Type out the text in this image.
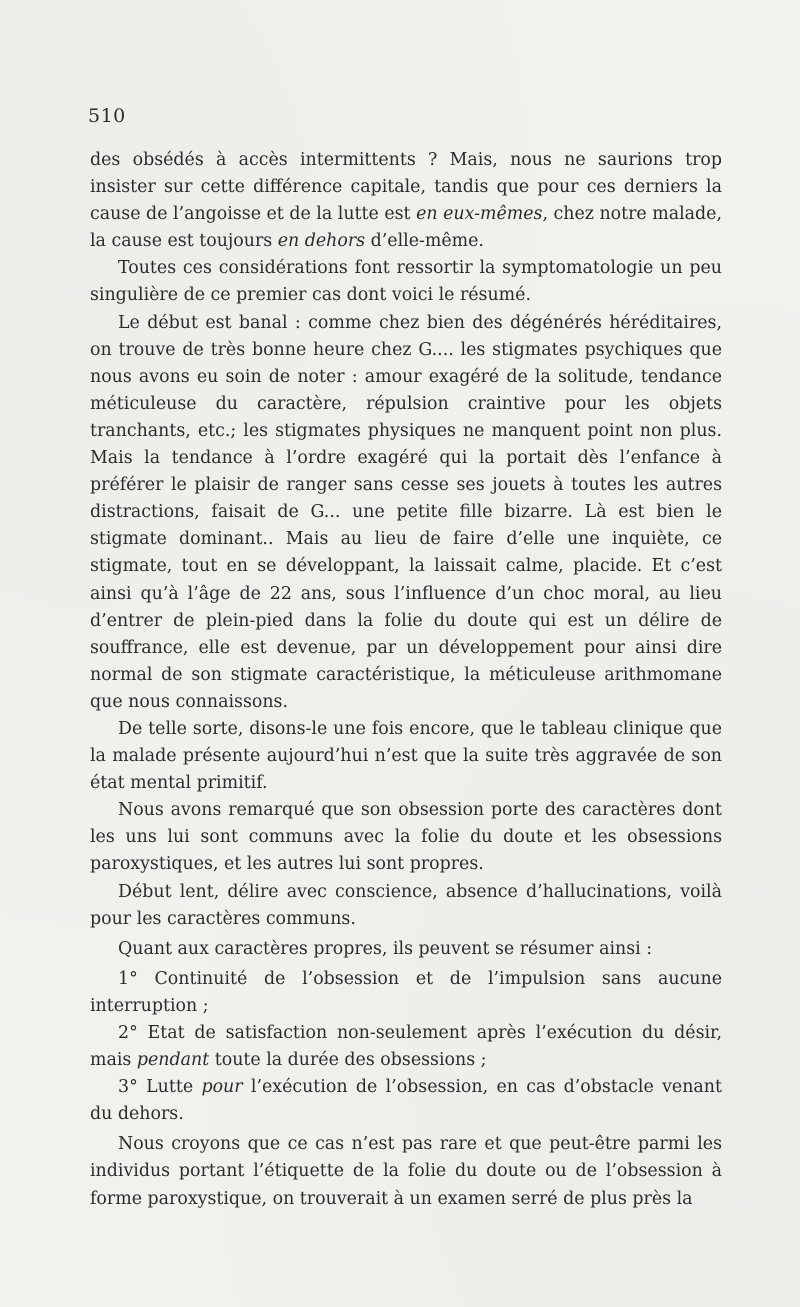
510

des obsédés à accès intermittents ? Mais, nous ne saurions trop insister sur cette différence capitale, tandis que pour ces derniers la cause de l’angoisse et de la lutte est en eux-mêmes, chez notre malade, la cause est toujours en dehors d’elle-même.

Toutes ces considérations font ressortir la symptomatologie un peu singulière de ce premier cas dont voici le résumé.

Le début est banal : comme chez bien des dégénérés héréditaires, on trouve de très bonne heure chez G.... les stigmates psychiques que nous avons eu soin de noter : amour exagéré de la solitude, tendance méticuleuse du caractère, répulsion craintive pour les objets tranchants, etc.; les stigmates physiques ne manquent point non plus. Mais la tendance à l’ordre exagéré qui la portait dès l’enfance à préférer le plaisir de ranger sans cesse ses jouets à toutes les autres distractions, faisait de G... une petite fille bizarre. Là est bien le stigmate dominant.. Mais au lieu de faire d’elle une inquiète, ce stigmate, tout en se développant, la laissait calme, placide. Et c’est ainsi qu’à l’âge de 22 ans, sous l’influence d’un choc moral, au lieu d’entrer de plein-pied dans la folie du doute qui est un délire de souffrance, elle est devenue, par un développement pour ainsi dire normal de son stigmate caractéristique, la méticuleuse arithmomane que nous connaissons.

De telle sorte, disons-le une fois encore, que le tableau clinique que la malade présente aujourd’hui n’est que la suite très aggravée de son état mental primitif.

Nous avons remarqué que son obsession porte des caractères dont les uns lui sont communs avec la folie du doute et les obsessions paroxystiques, et les autres lui sont propres.

Début lent, délire avec conscience, absence d’hallucinations, voilà pour les caractères communs.

Quant aux caractères propres, ils peuvent se résumer ainsi :

1° Continuité de l’obsession et de l’impulsion sans aucune interruption ;

2° Etat de satisfaction non-seulement après l’exécution du désir, mais pendant toute la durée des obsessions ;

3° Lutte pour l’exécution de l’obsession, en cas d’obstacle venant du dehors.

Nous croyons que ce cas n’est pas rare et que peut-être parmi les individus portant l’étiquette de la folie du doute ou de l’obsession à forme paroxystique, on trouverait à un examen serré de plus près la
